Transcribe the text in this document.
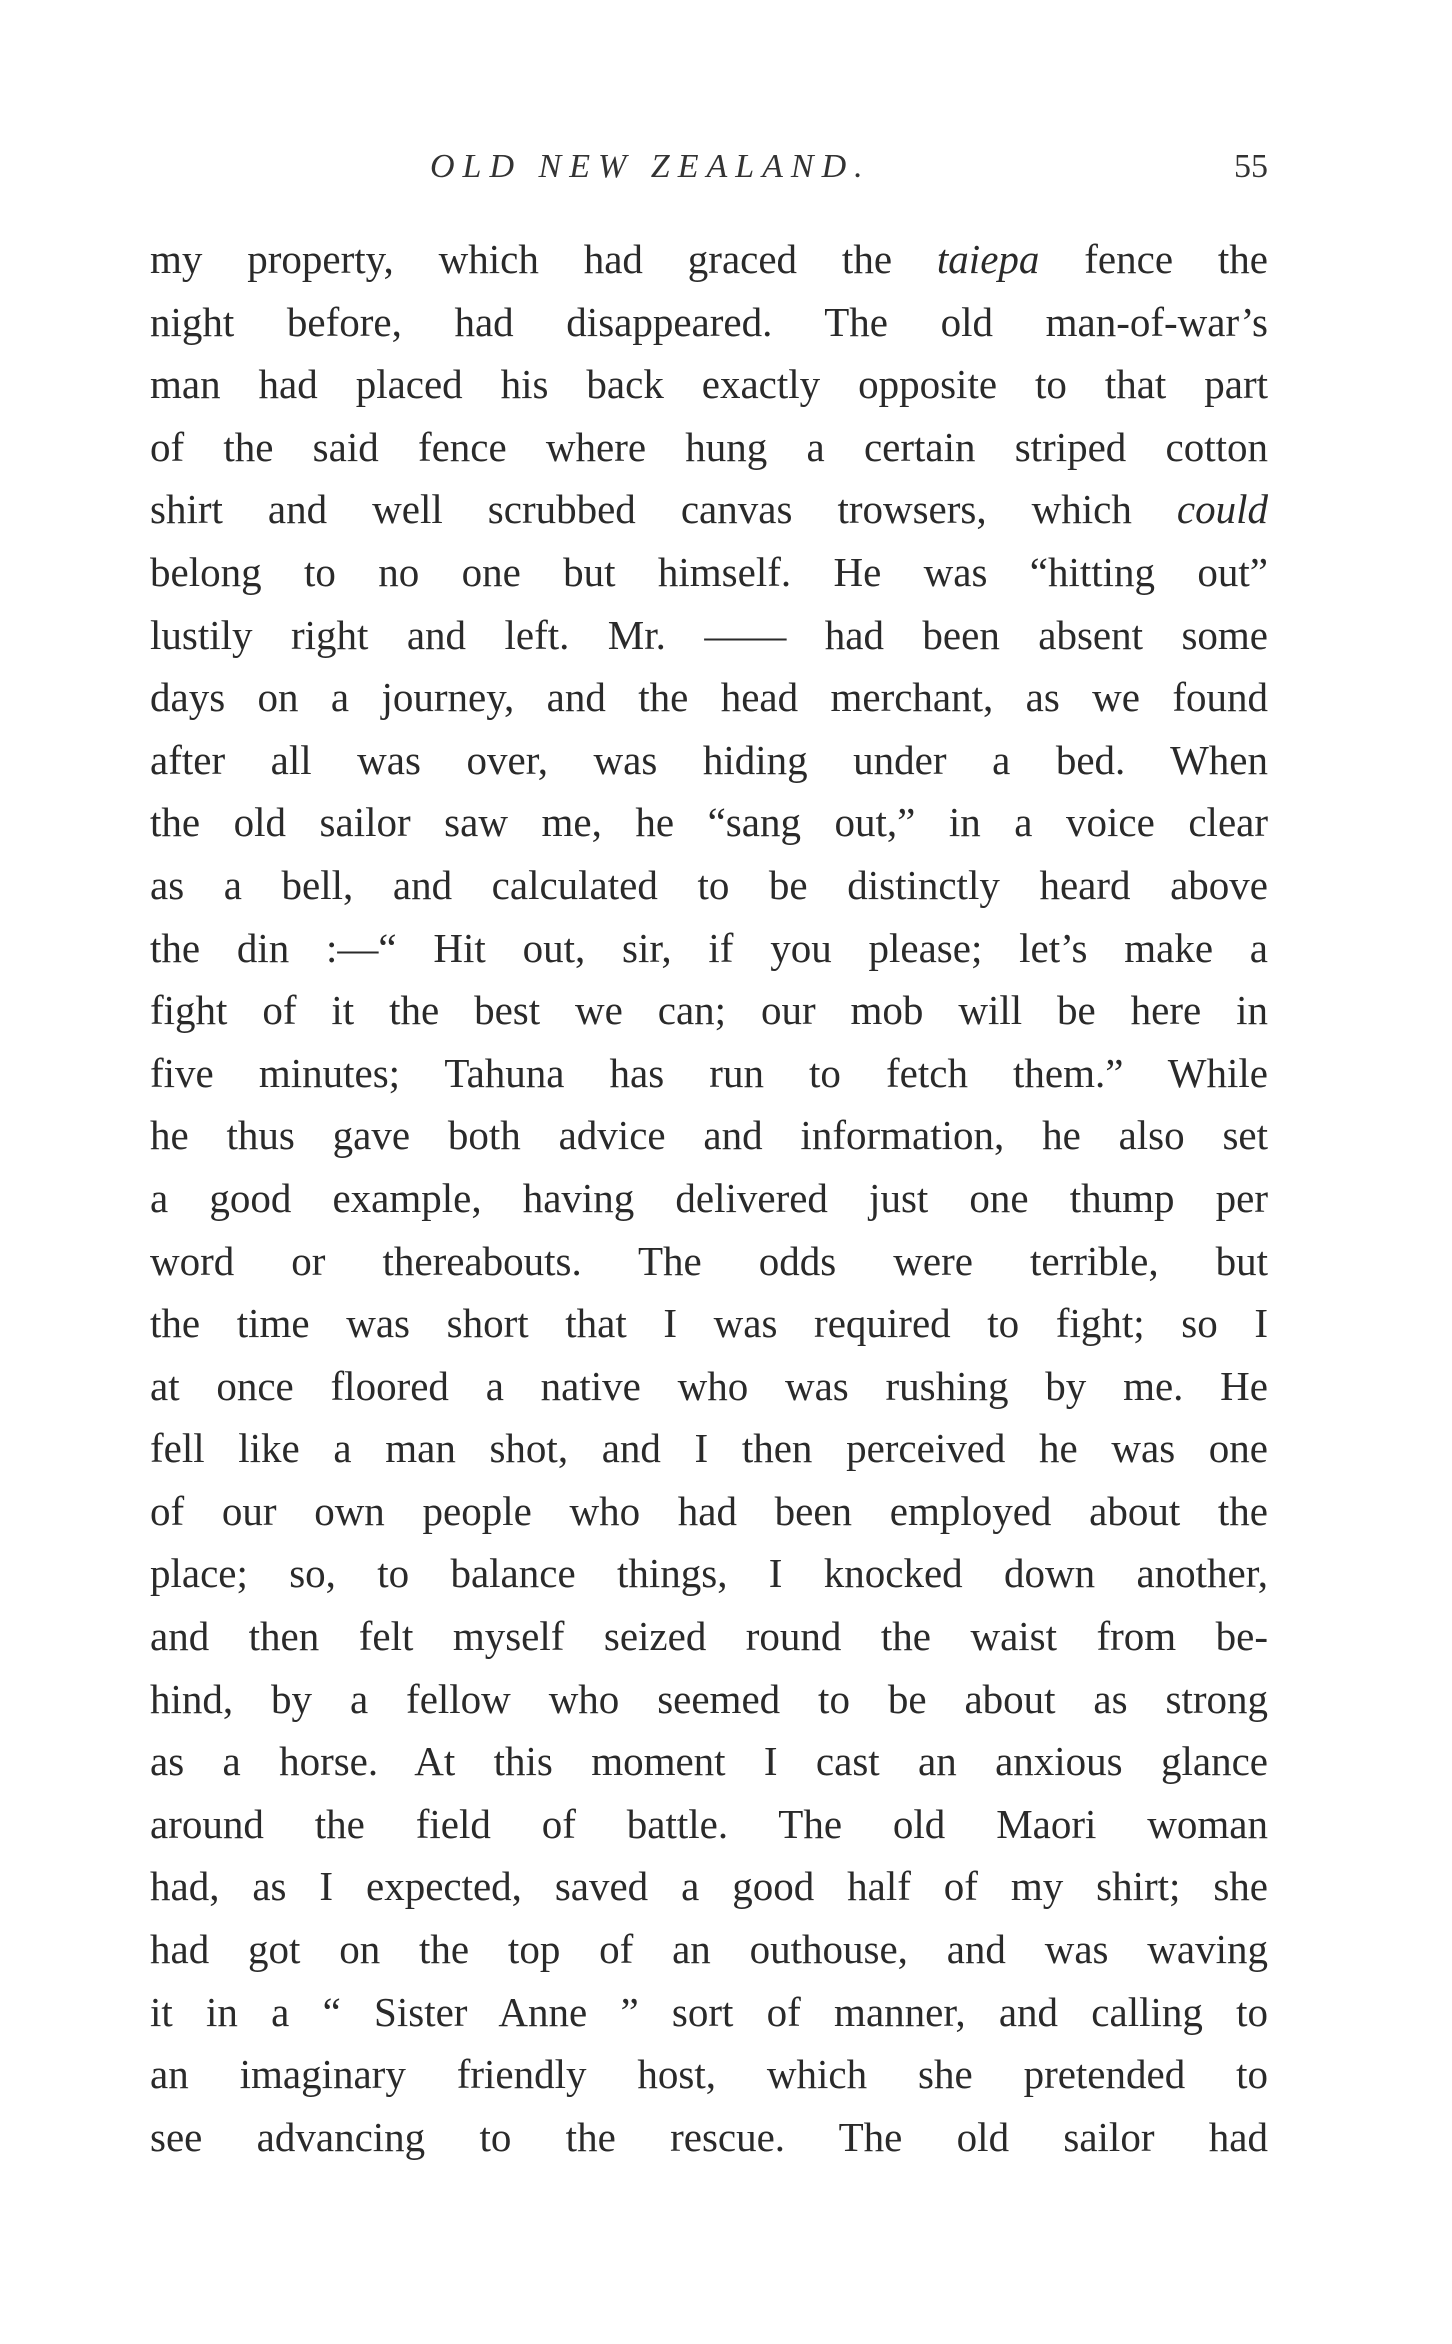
OLD NEW ZEALAND.	55
my property, which had graced the taiepa fence the
night before, had disappeared. The old man-of-war’s
man had placed his back exactly opposite to that part
of the said fence where hung a certain striped cotton
shirt and well scrubbed canvas trowsers, which could
belong to no one but himself. He was “hitting out”
lustily right and left. Mr. —— had been absent some
days on a journey, and the head merchant, as we found
after all was over, was hiding under a bed. When
the old sailor saw me, he “sang out,” in a voice clear
as a bell, and calculated to be distinctly heard above
the din :—“ Hit out, sir, if you please; let’s make a
fight of it the best we can; our mob will be here in
five minutes; Tahuna has run to fetch them.” While
he thus gave both advice and information, he also set
a good example, having delivered just one thump per
word or thereabouts. The odds were terrible, but
the time was short that I was required to fight; so I
at once floored a native who was rushing by me. He
fell like a man shot, and I then perceived he was one
of our own people who had been employed about the
place; so, to balance things, I knocked down another,
and then felt myself seized round the waist from be-
hind, by a fellow who seemed to be about as strong
as a horse. At this moment I cast an anxious glance
around the field of battle. The old Maori woman
had, as I expected, saved a good half of my shirt; she
had got on the top of an outhouse, and was waving
it in a “ Sister Anne ” sort of manner, and calling to
an imaginary friendly host, which she pretended to
see advancing to the rescue. The old sailor had
